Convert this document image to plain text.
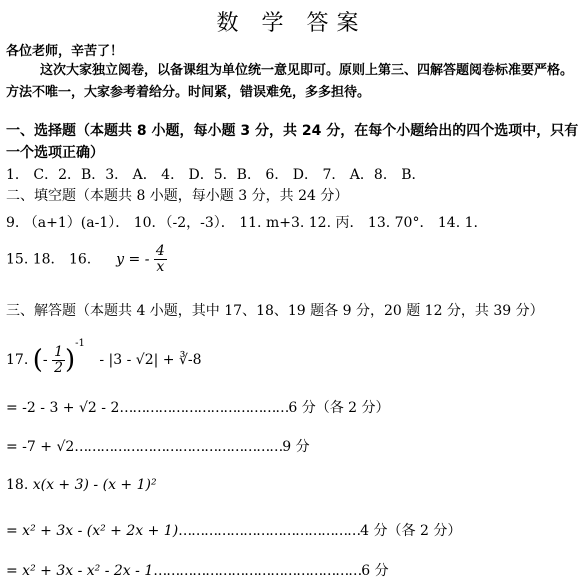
数 学 答案
各位老师，辛苦了！
这次大家独立阅卷，以备课组为单位统一意见即可。原则上第三、四解答题阅卷标准要严格。方法不唯一，大家参考着给分。时间紧，错误难免，多多担待。
一、选择题（本题共 8 小题，每小题 3 分，共 24 分，在每个小题给出的四个选项中，只有一个选项正确）
1． C．2．B．3． A． 4． D．5．B． 6． D． 7． A．8． B．
二、填空题（本题共 8 小题，每小题 3 分，共 24 分）
9. （a+1）(a-1）． 10．（-2，-3）． 11. m+3. 12. 丙． 13. 70°． 14. 1.
15. 18． 16. y = - $\frac{4}{x}$
三、解答题（本题共 4 小题，其中 17、18、19 题各 9 分，20 题 12 分，共 39 分）
17. (- $\frac{1}{2} )^{-1} - |3 - √2|$ + ∛-8
= -2 - 3 + √2 - 2…………………………………6 分（各 2 分）
= -7 + √2…………………………………………9 分
18. x(x + 3) - (x + 1)²
= x² + 3x - (x² + 2x + 1)……………………………………4 分（各 2 分）
= x² + 3x - x² - 2x - 1…………………………………………6 分
